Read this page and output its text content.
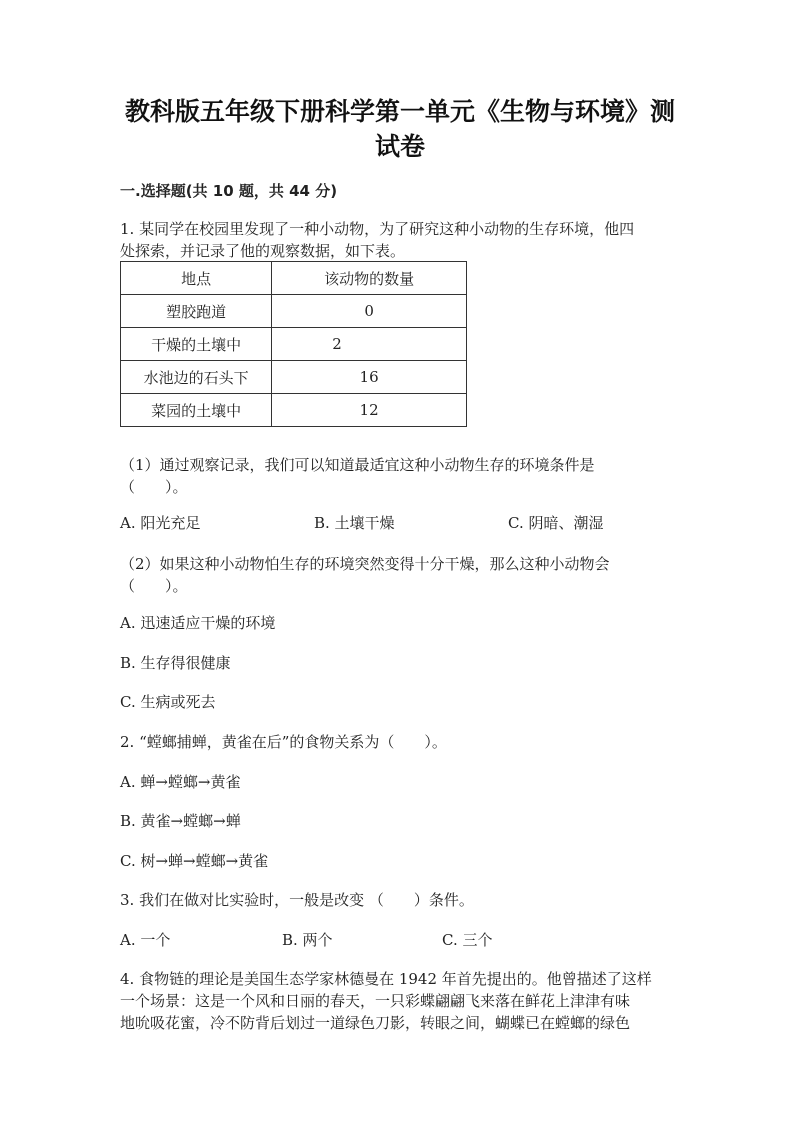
教科版五年级下册科学第一单元《生物与环境》测
试卷
一.选择题(共 10 题，共 44 分)
1. 某同学在校园里发现了一种小动物，为了研究这种小动物的生存环境，他四
处探索，并记录了他的观察数据，如下表。
地点	该动物的数量
塑胶跑道	0
干燥的土壤中	2
水池边的石头下	16
菜园的土壤中	12
（1）通过观察记录，我们可以知道最适宜这种小动物生存的环境条件是
（　　）。
A. 阳光充足	B. 土壤干燥	C. 阴暗、潮湿
（2）如果这种小动物怕生存的环境突然变得十分干燥，那么这种小动物会
（　　）。
A. 迅速适应干燥的环境
B. 生存得很健康
C. 生病或死去
2. “螳螂捕蝉，黄雀在后”的食物关系为（　　）。
A. 蝉→螳螂→黄雀
B. 黄雀→螳螂→蝉
C. 树→蝉→螳螂→黄雀
3. 我们在做对比实验时，一般是改变 （　　）条件。
A. 一个	B. 两个	C. 三个
4. 食物链的理论是美国生态学家林德曼在 1942 年首先提出的。他曾描述了这样
一个场景：这是一个风和日丽的春天，一只彩蝶翩翩飞来落在鲜花上津津有味
地吮吸花蜜，冷不防背后划过一道绿色刀影，转眼之间，蝴蝶已在螳螂的绿色
